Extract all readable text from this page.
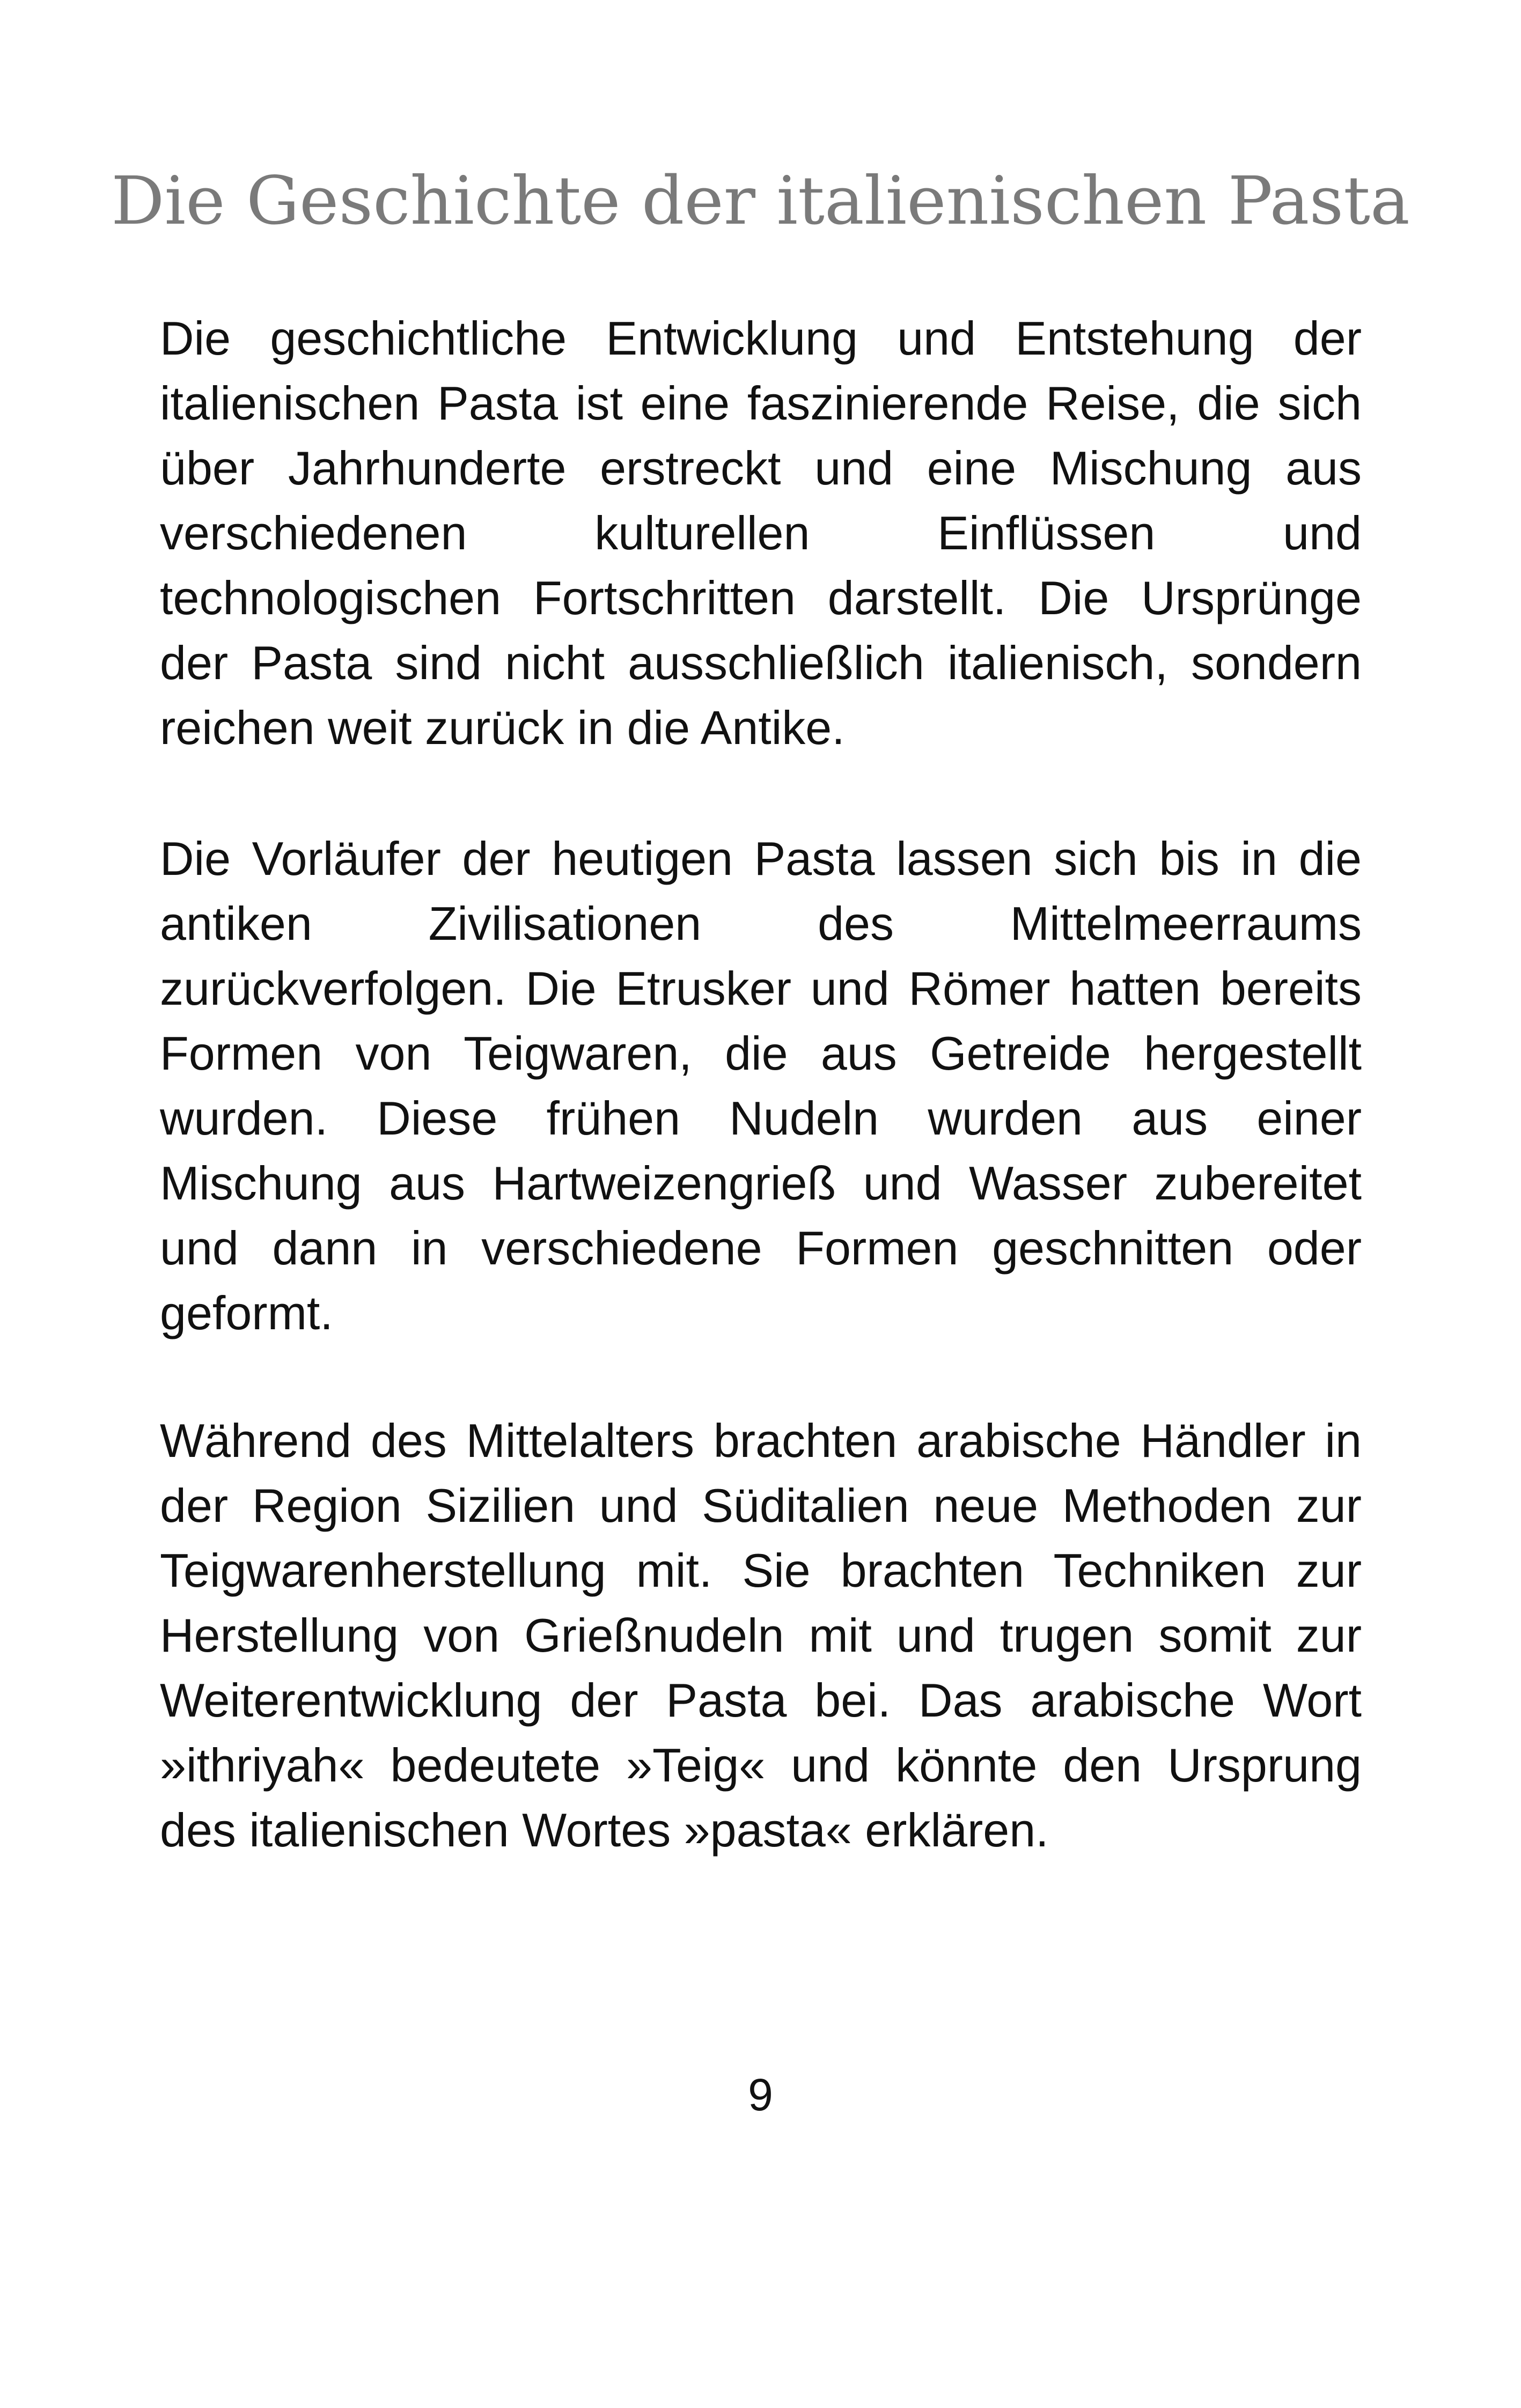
Die Geschichte der italienischen Pasta

Die geschichtliche Entwicklung und Entstehung der italienischen Pasta ist eine faszinierende Reise, die sich über Jahrhunderte erstreckt und eine Mischung aus verschiedenen kulturellen Einflüssen und technologischen Fortschritten darstellt. Die Ursprünge der Pasta sind nicht ausschließlich italienisch, sondern reichen weit zurück in die Antike.

Die Vorläufer der heutigen Pasta lassen sich bis in die antiken Zivilisationen des Mittelmeerraums zurückverfolgen. Die Etrusker und Römer hatten bereits Formen von Teigwaren, die aus Getreide hergestellt wurden. Diese frühen Nudeln wurden aus einer Mischung aus Hartweizengrieß und Wasser zubereitet und dann in verschiedene Formen geschnitten oder geformt.

Während des Mittelalters brachten arabische Händler in der Region Sizilien und Süditalien neue Methoden zur Teigwarenherstellung mit. Sie brachten Techniken zur Herstellung von Grießnudeln mit und trugen somit zur Weiterentwicklung der Pasta bei. Das arabische Wort »ithriyah« bedeutete »Teig« und könnte den Ursprung des italienischen Wortes »pasta« erklären.

9
